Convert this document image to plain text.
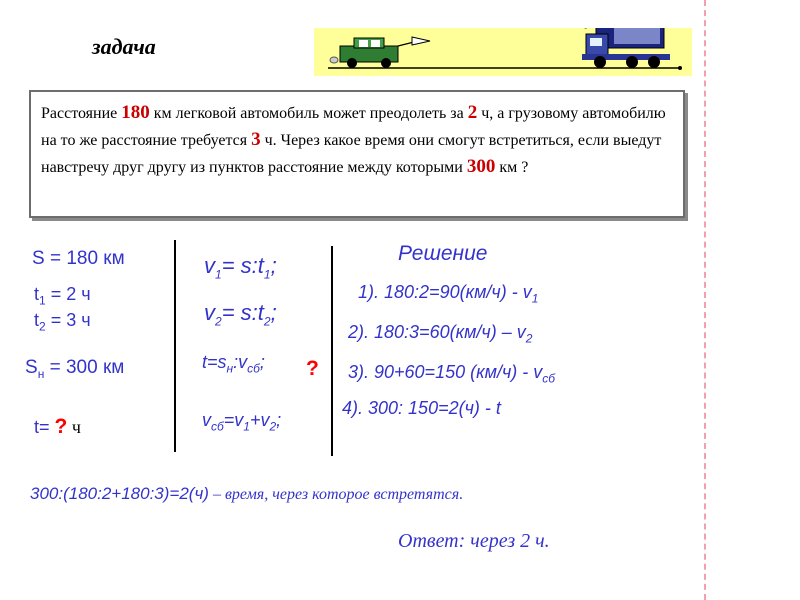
задача
Расстояние 180 км легковой автомобиль может преодолеть за 2 ч, а грузовому автомобилю на то же расстояние требуется 3 ч. Через какое время они смогут встретиться, если выедут навстречу друг другу из пунктов расстояние между которыми 300 км ?
S = 180 км
$t_1 = 2$ ч
$t_2 = 3$ ч
$S_н = 300$ км
t= ? ч
$v_1=$ $s:t_1$;
$v_2=$ $s:t_2$;
$t=s_н:v_{сб}$; ?
$v_{сб}=v_1+v_2$;
Решение
1). 180:2=90(км/ч) - $v_1$
2). 180:3=60(км/ч) – $v_2$
3). 90+60=150 $(км/ч) - v_{сб}$
4). 300: 150=2(ч) - t
300:(180:2+180:3)=2(ч) – время, через которое встретятся.
Ответ: через 2 ч.
